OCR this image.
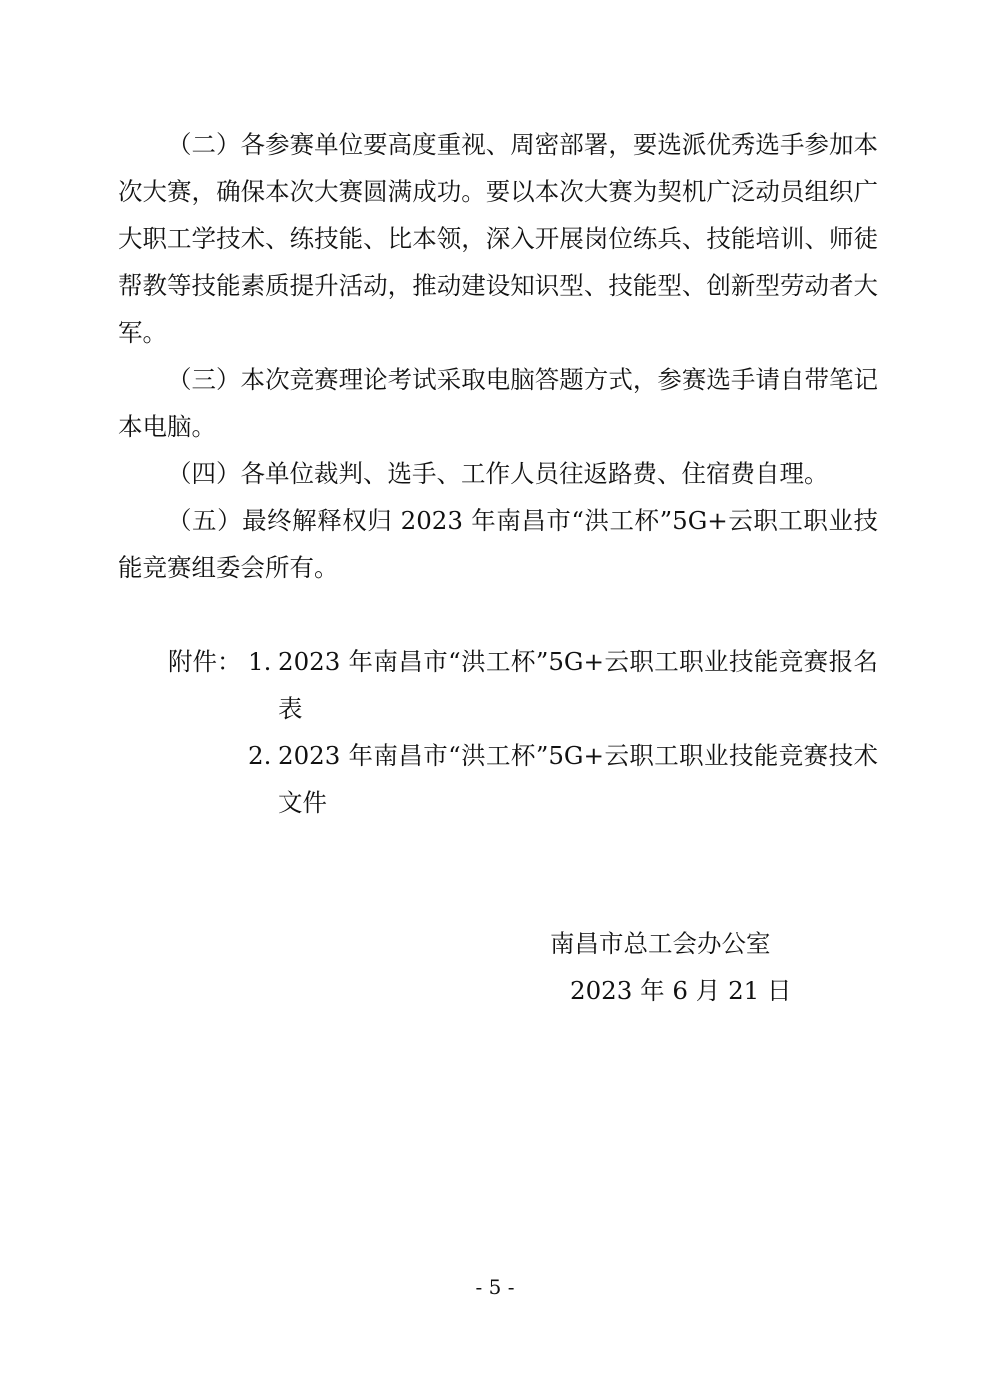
（二）各参赛单位要高度重视、周密部署，要选派优秀选手参加本次大赛，确保本次大赛圆满成功。要以本次大赛为契机广泛动员组织广大职工学技术、练技能、比本领，深入开展岗位练兵、技能培训、师徒帮教等技能素质提升活动，推动建设知识型、技能型、创新型劳动者大军。

（三）本次竞赛理论考试采取电脑答题方式，参赛选手请自带笔记本电脑。

（四）各单位裁判、选手、工作人员往返路费、住宿费自理。

（五）最终解释权归 2023 年南昌市“洪工杯”5G+云职工职业技能竞赛组委会所有。

附件： 1. 2023 年南昌市“洪工杯”5G+云职工职业技能竞赛报名表
2. 2023 年南昌市“洪工杯”5G+云职工职业技能竞赛技术文件
南昌市总工会办公室
2023 年 6 月 21 日
- 5 -
